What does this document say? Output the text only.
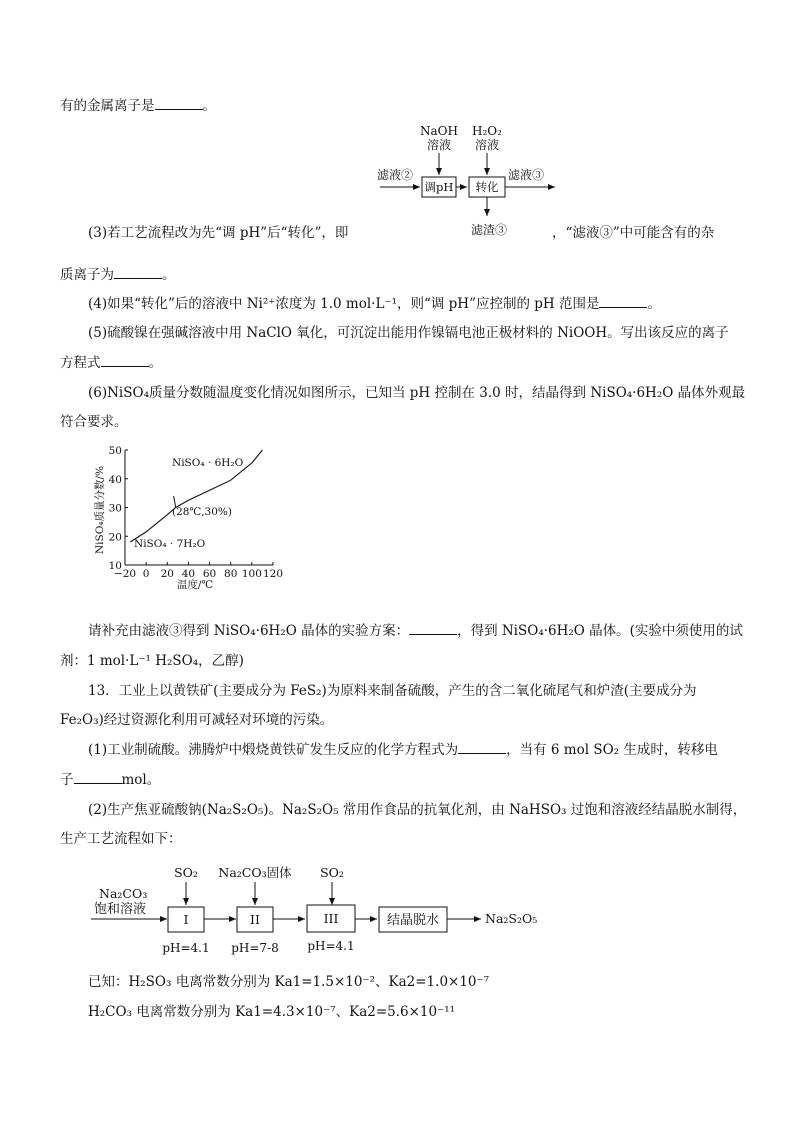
有的金属离子是	。
NaOH
溶液
H₂O₂
溶液
滤液②
调pH 转化
滤液③
滤渣③
(3)若工艺流程改为先“调 pH”后“转化”，即	，“滤液③”中可能含有的杂
质离子为	。
(4)如果“转化”后的溶液中 Ni²⁺浓度为 1.0 mol·L⁻¹，则“调 pH”应控制的 pH 范围是	。
(5)硫酸镍在强碱溶液中用 NaClO 氧化，可沉淀出能用作镍镉电池正极材料的 NiOOH。写出该反应的离子
方程式	。
(6)NiSO₄质量分数随温度变化情况如图所示，已知当 pH 控制在 3.0 时，结晶得到 NiSO₄·6H₂O 晶体外观最
符合要求。
NiSO₄质量分数/%
10
20
30
40
50
−20 0 20 40 60 80 100 120
NiSO₄ · 6H₂O
NiSO₄ · 7H₂O
(28℃,30%)
温度/℃
请补充由滤液③得到 NiSO₄·6H₂O 晶体的实验方案：	，得到 NiSO₄·6H₂O 晶体。(实验中须使用的试
剂：1 mol·L⁻¹ H₂SO₄，乙醇)
13．工业上以黄铁矿(主要成分为 FeS₂)为原料来制备硫酸，产生的含二氧化硫尾气和炉渣(主要成分为
Fe₂O₃)经过资源化利用可减轻对环境的污染。
(1)工业制硫酸。沸腾炉中煅烧黄铁矿发生反应的化学方程式为	，当有 6 mol SO₂ 生成时，转移电
子	mol。
(2)生产焦亚硫酸钠(Na₂S₂O₅)。Na₂S₂O₅ 常用作食品的抗氧化剂，由 NaHSO₃ 过饱和溶液经结晶脱水制得，
生产工艺流程如下：
Na₂CO₃
饱和溶液
SO₂
I
pH=4.1
Na₂CO₃固体
II
pH=7-8
SO₂
III
pH=4.1
结晶脱水	Na₂S₂O₅
已知：H₂SO₃ 电离常数分别为 Ka1=1.5×10⁻²、Ka2=1.0×10⁻⁷
H₂CO₃ 电离常数分别为 Ka1=4.3×10⁻⁷、Ka2=5.6×10⁻¹¹
